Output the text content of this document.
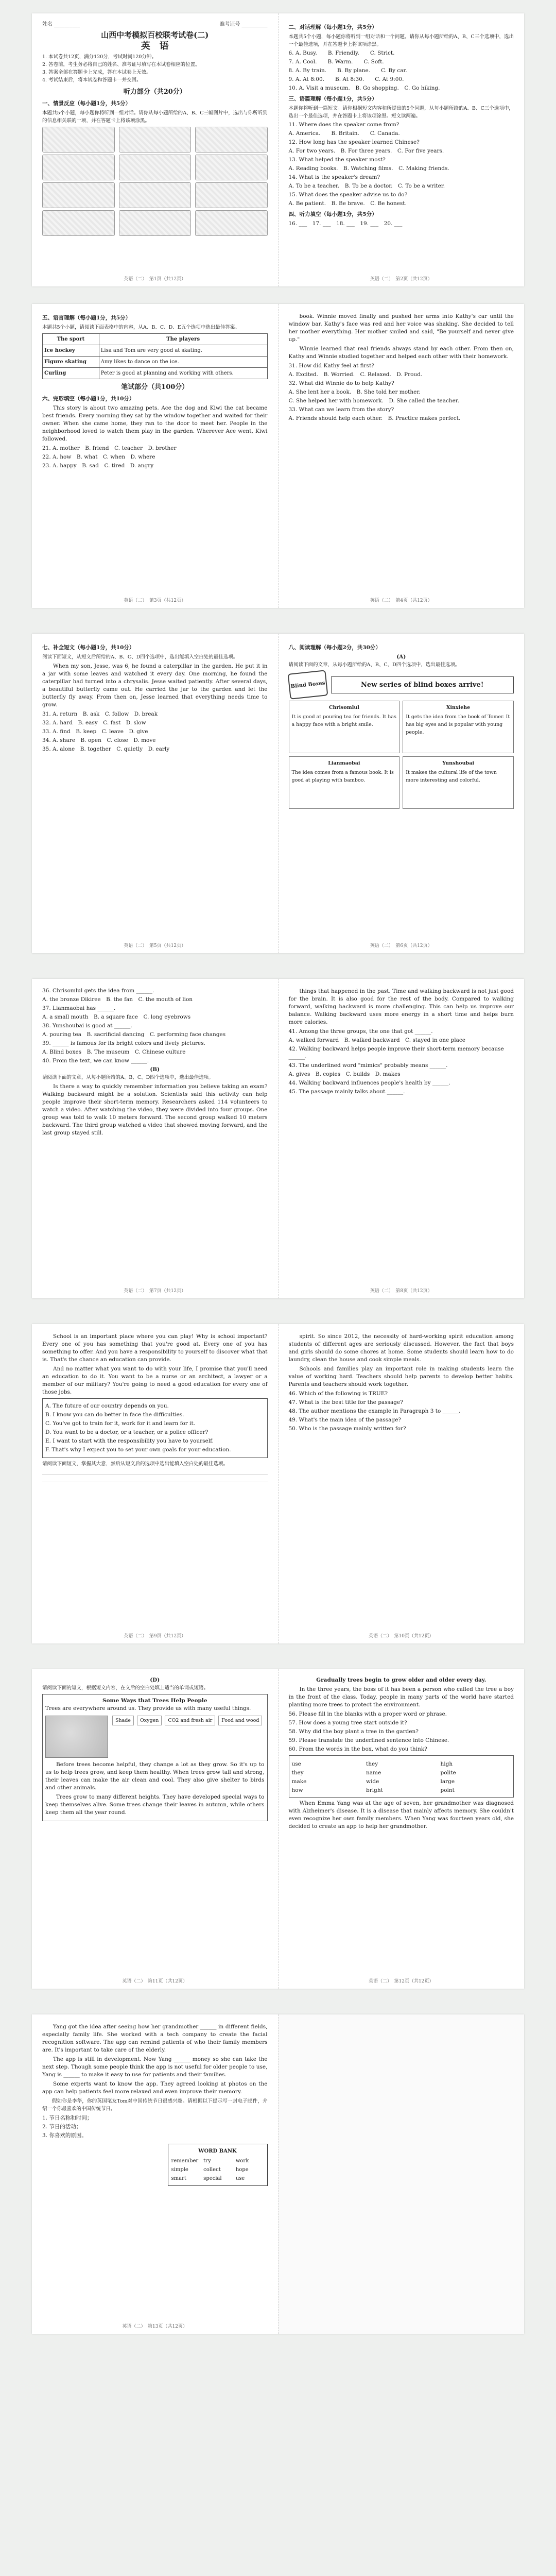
姓名 __________	准考证号 __________
山西中考模拟百校联考试卷(二)
英　语
1. 本试卷共12页，满分120分，考试时间120分钟。
2. 答卷前，考生务必将自己的姓名、准考证号填写在本试卷相应的位置。
3. 答案全部在答题卡上完成，答在本试卷上无效。
4. 考试结束后，将本试卷和答题卡一并交回。
听力部分（共20分）
一、情景反应（每小题1分，共5分）
本题共5个小题，每小题你将听到一组对话。请你从每小题所给的A、B、C三幅图片中，选出与你所听到的信息相关联的一项，并在答题卡上将该项涂黑。
英语（二）　第1页（共12页）
二、对话理解（每小题1分，共5分）
本题共5个小题，每小题你将听到一组对话和一个问题。请你从每小题所给的A、B、C三个选项中，选出一个最佳选项，并在答题卡上将该项涂黑。
6. A. Busy.　　B. Friendly.　　C. Strict.
7. A. Cool.　　B. Warm.　　C. Soft.
8. A. By train.　　B. By plane.　　C. By car.
9. A. At 8:00.　　B. At 8:30.　　C. At 9:00.
10. A. Visit a museum.　B. Go shopping.　C. Go hiking.
三、语篇理解（每小题1分，共5分）
本题你将听到一篇短文。请你根据短文内容和所提出的5个问题，从每小题所给的A、B、C三个选项中，选出一个最佳选项，并在答题卡上将该项涂黑。短文读两遍。
11. Where does the speaker come from?
A. America.　　B. Britain.　　C. Canada.
12. How long has the speaker learned Chinese?
A. For two years.　B. For three years.　C. For five years.
13. What helped the speaker most?
A. Reading books.　B. Watching films.　C. Making friends.
14. What is the speaker's dream?
A. To be a teacher.　B. To be a doctor.　C. To be a writer.
15. What does the speaker advise us to do?
A. Be patient.　B. Be brave.　C. Be honest.
四、听力填空（每小题1分，共5分）
16. ___　17. ___　18. ___　19. ___　20. ___
英语（二）　第2页（共12页）
五、语言理解（每小题1分，共5分）
本题共5个小题，请阅读下面表格中的内容，从A、B、C、D、E五个选项中选出最佳答案。
The sport	The players
Ice hockey	Lisa and Tom are very good at skating.
Figure skating	Amy likes to dance on the ice.
Curling	Peter is good at planning and working with others.
笔试部分（共100分）
六、完形填空（每小题1分，共10分）
This story is about two amazing pets. Ace the dog and Kiwi the cat became best friends. Every morning they sat by the window together and waited for their owner. When she came home, they ran to the door to meet her. People in the neighborhood loved to watch them play in the garden. Wherever Ace went, Kiwi followed.
21. A. mother　B. friend　C. teacher　D. brother
22. A. how　B. what　C. when　D. where
23. A. happy　B. sad　C. tired　D. angry
英语（二）　第3页（共12页）
book. Winnie moved finally and pushed her arms into Kathy's car until the window bar. Kathy's face was red and her voice was shaking. She decided to tell her mother everything. Her mother smiled and said, "Be yourself and never give up."
Winnie learned that real friends always stand by each other. From then on, Kathy and Winnie studied together and helped each other with their homework.
31. How did Kathy feel at first?
A. Excited.　B. Worried.　C. Relaxed.　D. Proud.
32. What did Winnie do to help Kathy?
A. She lent her a book.　B. She told her mother.
C. She helped her with homework.　D. She called the teacher.
33. What can we learn from the story?
A. Friends should help each other.　B. Practice makes perfect.
英语（二）　第4页（共12页）
七、补全短文（每小题1分，共10分）
阅读下面短文，从短文后所给的A、B、C、D四个选项中，选出能填入空白处的最佳选项。
When my son, Jesse, was 6, he found a caterpillar in the garden. He put it in a jar with some leaves and watched it every day. One morning, he found the caterpillar had turned into a chrysalis. Jesse waited patiently. After several days, a beautiful butterfly came out. He carried the jar to the garden and let the butterfly fly away. From then on, Jesse learned that everything needs time to grow.
31. A. return　B. ask　C. follow　D. break
32. A. hard　B. easy　C. fast　D. slow
33. A. find　B. keep　C. leave　D. give
34. A. share　B. open　C. close　D. move
35. A. alone　B. together　C. quietly　D. early
英语（二）　第5页（共12页）
八、阅读理解（每小题2分，共30分）
(A)
请阅读下面的文章，从每小题所给的A、B、C、D四个选项中，选出最佳选项。
Blind Boxes	New series of blind boxes arrive!
Chrisomlul
It is good at pouring tea for friends. It has a happy face with a bright smile.
Xinxiehe
It gets the idea from the book of Tomer. It has big eyes and is popular with young people.
Lianmaobai
The idea comes from a famous book. It is good at playing with bamboo.
Yunshoubai
It makes the cultural life of the town more interesting and colorful.
英语（二）　第6页（共12页）
36. Chrisomlul gets the idea from ______.
A. the bronze Dikiree　B. the fan　C. the mouth of lion
37. Lianmaobai has ______.
A. a small mouth　B. a square face　C. long eyebrows
38. Yunshoubai is good at ______.
A. pouring tea　B. sacrificial dancing　C. performing face changes
39. ______ is famous for its bright colors and lively pictures.
A. Blind boxes　B. The museum　C. Chinese culture
40. From the text, we can know ______.
(B)
请阅读下面的文章，从每小题所给的A、B、C、D四个选项中，选出最佳选项。
Is there a way to quickly remember information you believe taking an exam? Walking backward might be a solution. Scientists said this activity can help people improve their short-term memory. Researchers asked 114 volunteers to watch a video. After watching the video, they were divided into four groups. One group was told to walk 10 meters forward. The second group walked 10 meters backward. The third group watched a video that showed moving forward, and the last group stayed still.
英语（二）　第7页（共12页）
things that happened in the past. Time and walking backward is not just good for the brain. It is also good for the rest of the body. Compared to walking forward, walking backward is more challenging. This can help us improve our balance. Walking backward uses more energy in a short time and helps burn more calories.
41. Among the three groups, the one that got ______.
A. walked forward　B. walked backward　C. stayed in one place
42. Walking backward helps people improve their short-term memory because ______.
43. The underlined word "mimics" probably means ______.
A. gives　B. copies　C. builds　D. makes
44. Walking backward influences people's health by ______.
45. The passage mainly talks about ______.
英语（二）　第8页（共12页）
School is an important place where you can play! Why is school important? Every one of you has something that you're good at. Every one of you has something to offer. And you have a responsibility to yourself to discover what that is. That's the chance an education can provide.
And no matter what you want to do with your life, I promise that you'll need an education to do it. You want to be a nurse or an architect, a lawyer or a member of our military? You're going to need a good education for every one of those jobs.
A. The future of our country depends on you.
B. I know you can do better in face the difficulties.
C. You've got to train for it, work for it and learn for it.
D. You want to be a doctor, or a teacher, or a police officer?
E. I want to start with the responsibility you have to yourself.
F. That's why I expect you to set your own goals for your education.
请阅读下面短文，掌握其大意，然后从短文后的选项中选出能填入空白处的最佳选项。
英语（二）　第9页（共12页）
spirit. So since 2012, the necessity of hard-working spirit education among students of different ages are seriously discussed. However, the fact that boys and girls should do some chores at home. Some students should learn how to do laundry, clean the house and cook simple meals.
Schools and families play an important role in making students learn the value of working hard. Teachers should help parents to develop better habits. Parents and teachers should work together.
46. Which of the following is TRUE?
47. What is the best title for the passage?
48. The author mentions the example in Paragraph 3 to ______.
49. What's the main idea of the passage?
50. Who is the passage mainly written for?
英语（二）　第10页（共12页）
(D)
请阅读下面的短文，根据短文内容，在文后的空白处填上适当的单词或短语。
Some Ways that Trees Help People
Trees are everywhere around us. They provide us with many useful things.
Shade	Oxygen	CO2 and fresh air	Food and wood
Before trees become helpful, they change a lot as they grow. So it's up to us to help trees grow, and keep them healthy. When trees grow tall and strong, their leaves can make the air clean and cool. They also give shelter to birds and other animals.
Trees grow to many different heights. They have developed special ways to keep themselves alive. Some trees change their leaves in autumn, while others keep them all the year round.
英语（二）　第11页（共12页）
Gradually trees begin to grow older and older every day.
In the three years, the boss of it has been a person who called the tree a boy in the front of the class. Today, people in many parts of the world have started planting more trees to protect the environment.
56. Please fill in the blanks with a proper word or phrase.
57. How does a young tree start outside it?
58. Why did the boy plant a tree in the garden?
59. Please translate the underlined sentence into Chinese.
60. From the words in the box, what do you think?
use	they	high
they	name	polite
make	wide	large
how	bright	point
When Emma Yang was at the age of seven, her grandmother was diagnosed with Alzheimer's disease. It is a disease that mainly affects memory. She couldn't even recognize her own family members. When Yang was fourteen years old, she decided to create an app to help her grandmother.
英语（二）　第12页（共12页）
Yang got the idea after seeing how her grandmother ______ in different fields, especially family life. She worked with a tech company to create the facial recognition software. The app can remind patients of who their family members are. It's important to take care of the elderly.
The app is still in development. Now Yang ______ money so she can take the next step. Though some people think the app is not useful for older people to use, Yang is ______ to make it easy to use for patients and their families.
Some experts want to know the app. They agreed looking at photos on the app can help patients feel more relaxed and even improve their memory.
假如你是李华，你的英国笔友Tom对中国传统节日很感兴趣。请根据以下提示写一封电子邮件，介绍一个你最喜欢的中国传统节日。
1. 节日名称和时间；
2. 节日的活动；
3. 你喜欢的原因。
WORD BANK
remember try	work
simple	collect	hope
smart	special	use
英语（二）　第13页（共12页）
